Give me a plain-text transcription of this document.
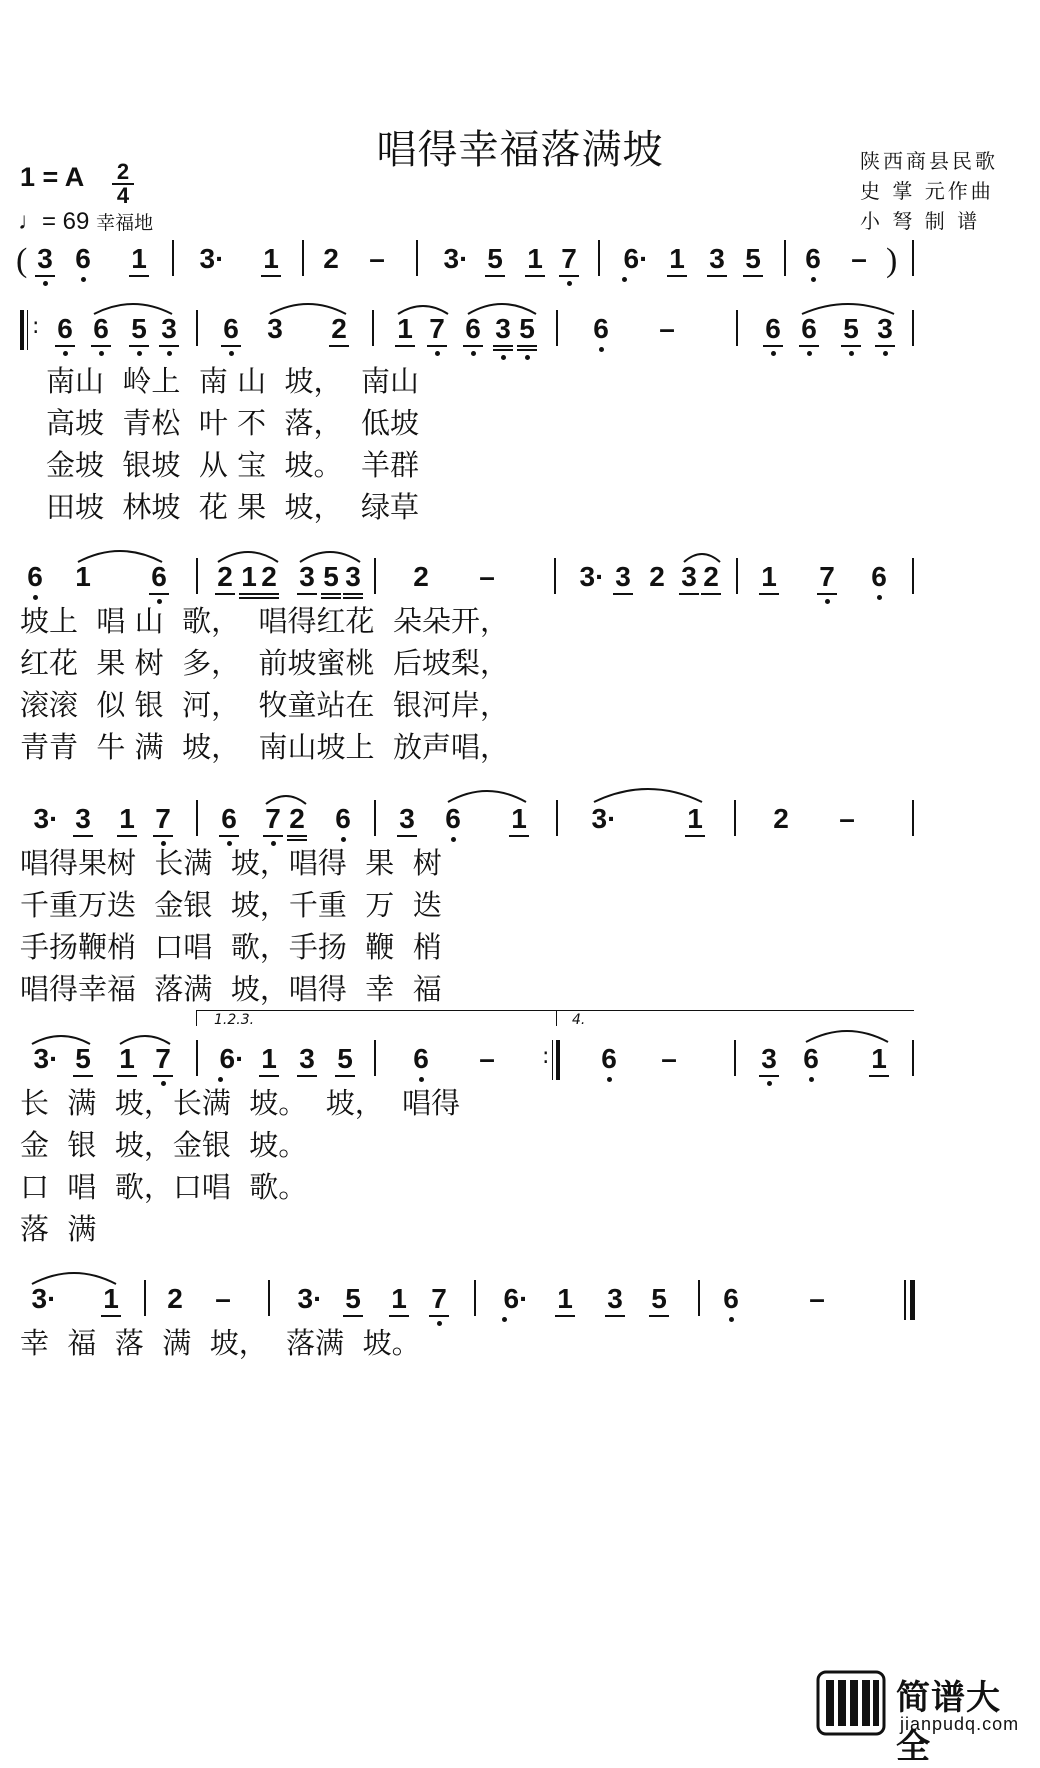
唱得幸福落满坡	陕西商县民歌
史 掌 元作曲
小 弩 制 谱
1 = A 2
4
♩= 69 幸福地
(	)
3 6 1 3· 1 2 – 3· 5 1 7 6· 1 3 5 6 –
: 6 6 5 3 6 3 2 1 7 6 3 5 6 –	6 6 5 3
南山  岭上  南 山  坡，  南山
高坡  青松  叶 不  落，  低坡
金坡  银坡  从 宝  坡。  羊群
田坡  林坡  花 果  坡，  绿草
6 1 6 2 1 2 3 5 3 2 –	3· 3 2 3 2 1 7 6
坡上  唱 山  歌，  唱得红花  朵朵开，
红花  果 树  多，  前坡蜜桃  后坡梨，
滚滚  似 银  河，  牧童站在  银河岸，
青青  牛 满  坡，  南山坡上  放声唱，
3· 3 1 7 6 7 2 6 3 6 1 3·	1	2 –
唱得果树  长满  坡，唱得  果  树
千重万迭  金银  坡，千重  万  迭
手扬鞭梢  口唱  歌，手扬  鞭  梢
唱得幸福  落满  坡，唱得  幸  福
1.2.3.	4.
:
3· 5 1 7 6· 1 3 5 6 –	6 –	3 6 1
长  满  坡，长满  坡。  坡，  唱得
金  银  坡，金银  坡。
口  唱  歌，口唱  歌。
落  满
3· 1 2 – 3· 5 1 7 6· 1 3 5 6	–
幸  福  落  满  坡，  落满  坡。
简谱大全
jianpudq.com
